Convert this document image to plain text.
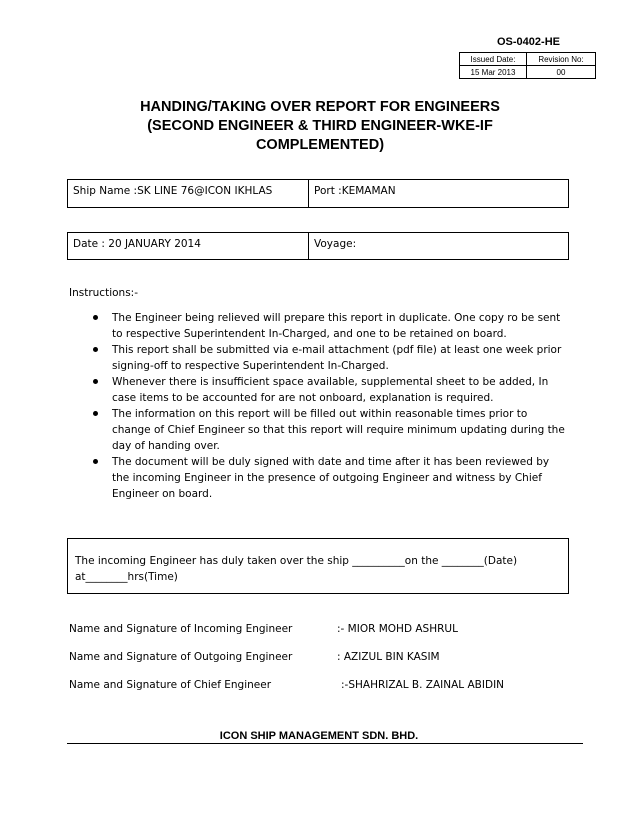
OS-0402-HE
Issued Date:	Revision No:
15 Mar 2013	00
HANDING/TAKING OVER REPORT FOR ENGINEERS
(SECOND ENGINEER & THIRD ENGINEER-WKE-IF
COMPLEMENTED)
Ship Name :SK LINE 76@ICON IKHLAS	Port :KEMAMAN
Date : 20 JANUARY 2014	Voyage:
Instructions:-
The Engineer being relieved will prepare this report in duplicate. One copy ro be sent to respective Superintendent In-Charged, and one to be retained on board.
This report shall be submitted via e-mail attachment (pdf file) at least one week prior signing-off to respective Superintendent In-Charged.
Whenever there is insufficient space available, supplemental sheet to be added, In case items to be accounted for are not onboard, explanation is required.
The information on this report will be filled out within reasonable times prior to change of Chief Engineer so that this report will require minimum updating during the day of handing over.
The document will be duly signed with date and time after it has been reviewed by the incoming Engineer in the presence of outgoing Engineer and witness by Chief Engineer on board.
The incoming Engineer has duly taken over the ship __________on the ________(Date) at________hrs(Time)
Name and Signature of Incoming Engineer	:- MIOR MOHD ASHRUL
Name and Signature of Outgoing Engineer	: AZIZUL BIN KASIM
Name and Signature of Chief Engineer	:-SHAHRIZAL B. ZAINAL ABIDIN
ICON SHIP MANAGEMENT SDN. BHD.
